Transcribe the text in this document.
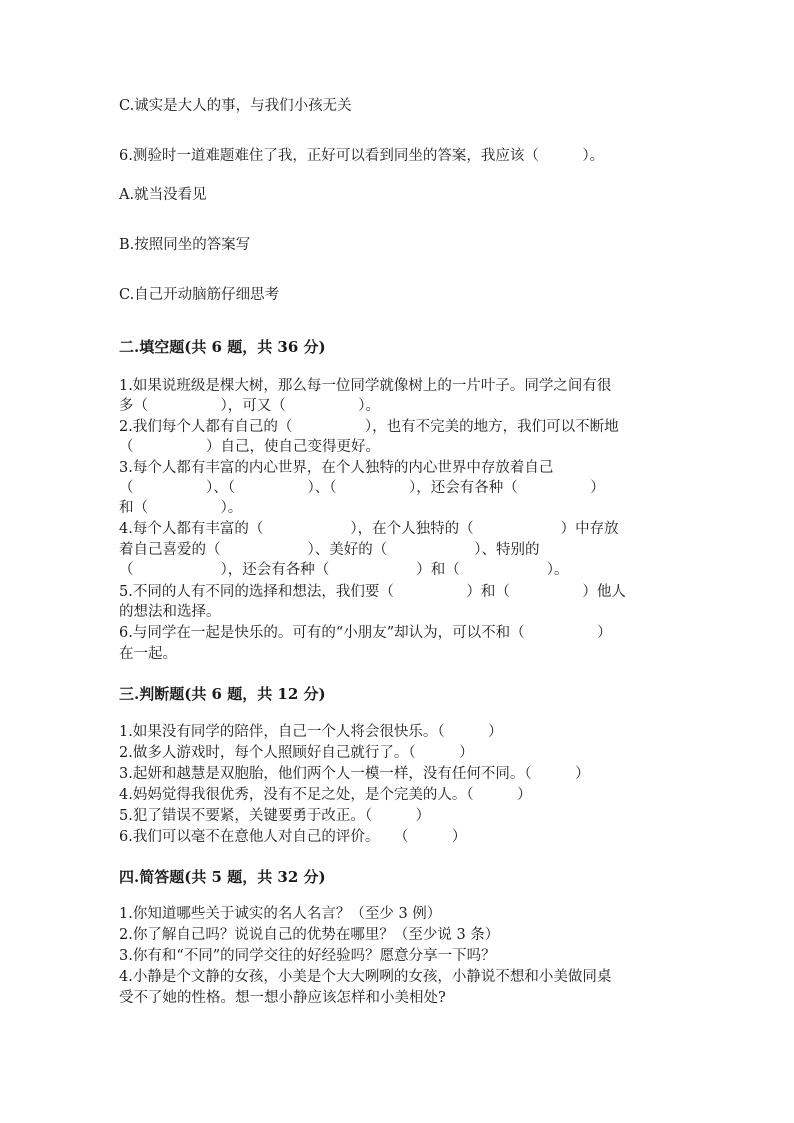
C.诚实是大人的事，与我们小孩无关

6.测验时一道难题难住了我，正好可以看到同坐的答案，我应该（　　　）。

A.就当没看见

B.按照同坐的答案写

C.自己开动脑筋仔细思考

二.填空题(共 6 题，共 36 分)

1.如果说班级是棵大树，那么每一位同学就像树上的一片叶子。同学之间有很

多（　　　　　），可又（　　　　　）。

2.我们每个人都有自己的（　　　　　），也有不完美的地方，我们可以不断地

（　　　　　）自己，使自己变得更好。

3.每个人都有丰富的内心世界，在个人独特的内心世界中存放着自己

（　　　　　）、（　　　　　）、（　　　　　），还会有各种（　　　　　）

和（　　　　　）。

4.每个人都有丰富的（　　　　　　），在个人独特的（　　　　　　）中存放

着自己喜爱的（　　　　　　）、美好的（　　　　　　）、特别的

（　　　　　　），还会有各种（　　　　　　）和（　　　　　　）。

5.不同的人有不同的选择和想法，我们要（　　　　　）和（　　　　　）他人

的想法和选择。

6.与同学在一起是快乐的。可有的“小朋友”却认为，可以不和（　　　　　）

在一起。

三.判断题(共 6 题，共 12 分)

1.如果没有同学的陪伴，自己一个人将会很快乐。（　　　）

2.做多人游戏时，每个人照顾好自己就行了。（　　　）

3.起妍和越慧是双胞胎，他们两个人一模一样，没有任何不同。（　　　）

4.妈妈觉得我很优秀，没有不足之处，是个完美的人。（　　　）

5.犯了错误不要紧，关键要勇于改正。（　　　）

6.我们可以毫不在意他人对自己的评价。　　（　　　）

四.简答题(共 5 题，共 32 分)

1.你知道哪些关于诚实的名人名言？（至少 3 例）

2.你了解自己吗？说说自己的优势在哪里？（至少说 3 条）

3.你有和“不同”的同学交往的好经验吗？愿意分享一下吗？

4.小静是个文静的女孩，小美是个大大咧咧的女孩，小静说不想和小美做同桌

受不了她的性格。想一想小静应该怎样和小美相处?
